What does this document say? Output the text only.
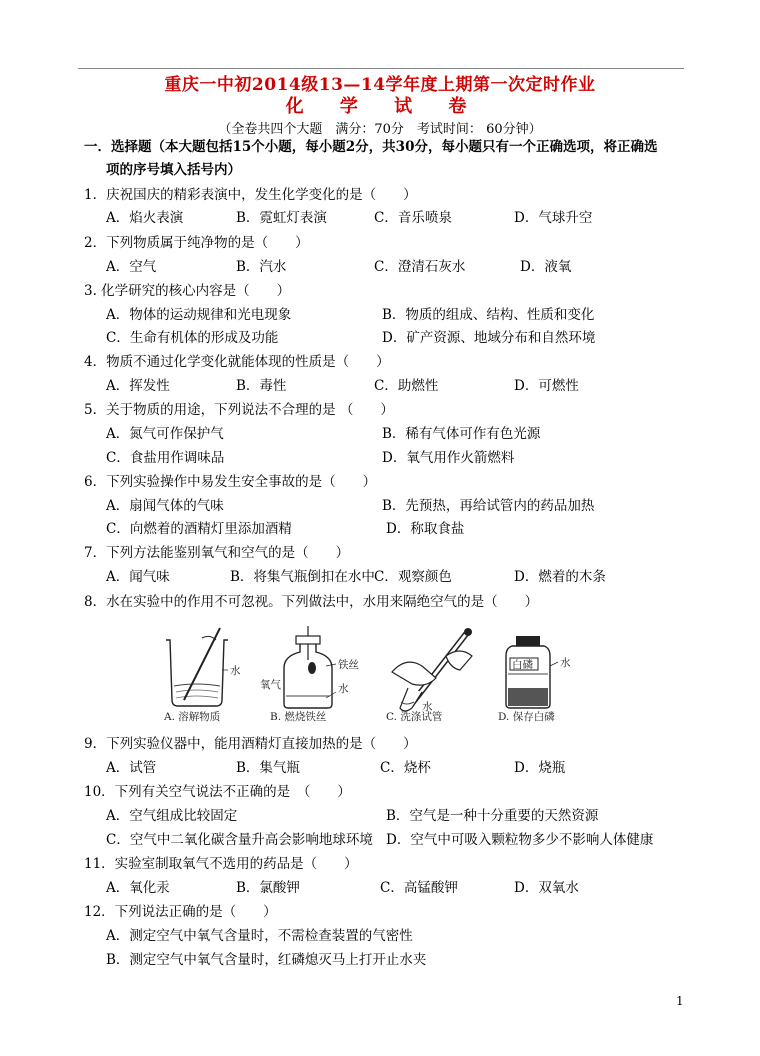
重庆一中初2014级13—14学年度上期第一次定时作业
化 学 试 卷
（全卷共四个大题　满分：70分　考试时间： 60分钟）
一．选择题（本大题包括15个小题，每小题2分，共30分，每小题只有一个正确选项，将正确选
项的序号填入括号内）
1．庆祝国庆的精彩表演中，发生化学变化的是（　　）
A．焰火表演	B．霓虹灯表演	C．音乐喷泉	D．气球升空
2．下列物质属于纯净物的是（　　）
A．空气	B．汽水	C．澄清石灰水	D．液氧
3. 化学研究的核心内容是（　　）
A．物体的运动规律和光电现象	B．物质的组成、结构、性质和变化
C．生命有机体的形成及功能	D．矿产资源、地域分布和自然环境
4．物质不通过化学变化就能体现的性质是（　　）
A．挥发性	B．毒性	C．助燃性	D．可燃性
5．关于物质的用途，下列说法不合理的是 （　　）
A．氮气可作保护气	B．稀有气体可作有色光源
C．食盐用作调味品	D．氧气用作火箭燃料
6．下列实验操作中易发生安全事故的是（　　）
A．扇闻气体的气味	B．先预热，再给试管内的药品加热
C．向燃着的酒精灯里添加酒精	D．称取食盐
7．下列方法能鉴别氧气和空气的是（　　）
A．闻气味	B．将集气瓶倒扣在水中 C．观察颜色	D．燃着的木条
8．水在实验中的作用不可忽视。下列做法中，水用来隔绝空气的是（　　）
水
A. 溶解物质
铁丝
氧气	水
B. 燃烧铁丝
水
C. 洗涤试管
白磷	水
D. 保存白磷
9．下列实验仪器中，能用酒精灯直接加热的是（　　）
A．试管	B．集气瓶	C．烧杯	D．烧瓶
10．下列有关空气说法不正确的是　（　　）
A．空气组成比较固定	B．空气是一种十分重要的天然资源
C．空气中二氧化碳含量升高会影响地球环境 D．空气中可吸入颗粒物多少不影响人体健康
11．实验室制取氧气不选用的药品是（　　）
A．氧化汞	B．氯酸钾	C．高锰酸钾	D．双氧水
12．下列说法正确的是（　　）
A．测定空气中氧气含量时，不需检查装置的气密性
B．测定空气中氧气含量时，红磷熄灭马上打开止水夹
1
